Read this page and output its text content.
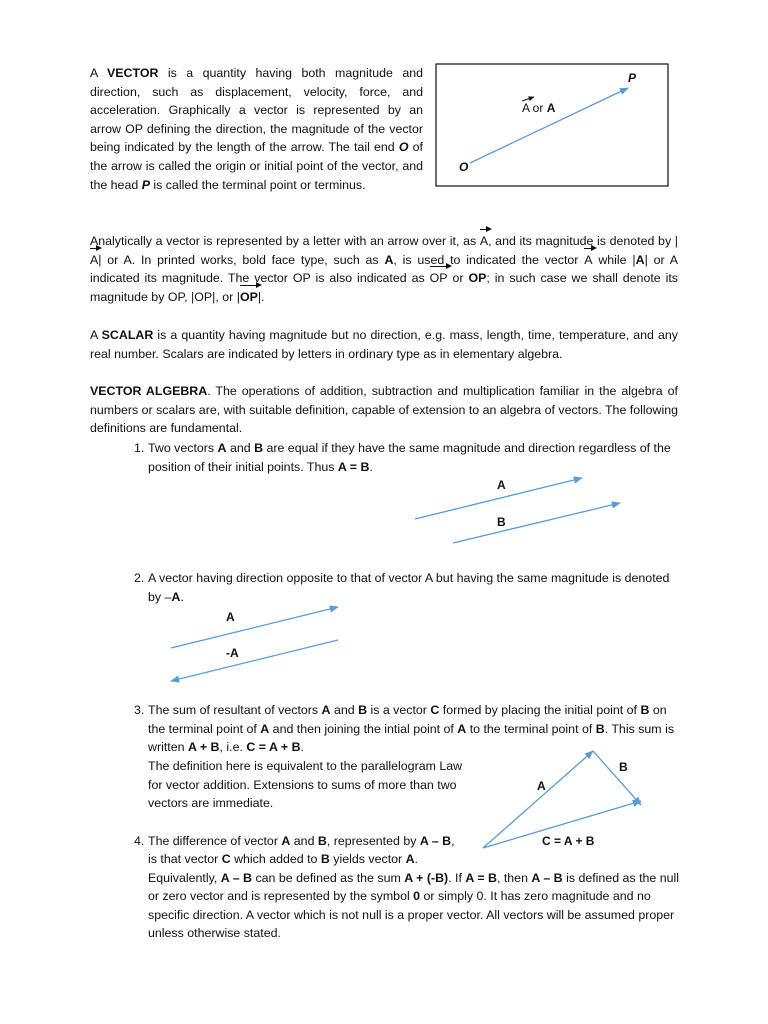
A VECTOR is a quantity having both magnitude and direction, such as displacement, velocity, force, and acceleration. Graphically a vector is represented by an arrow OP defining the direction, the magnitude of the vector being indicated by the length of the arrow. The tail end O of the arrow is called the origin or initial point of the vector, and the head P is called the terminal point or terminus.

Analytically a vector is represented by a letter with an arrow over it, as A, and its magnitude is denoted by |A| or A. In printed works, bold face type, such as A, is used to indicated the vector A while |A| or A indicated its magnitude. The vector OP is also indicated as OP or OP; in such case we shall denote its magnitude by OP, |OP|, or |OP|.

A SCALAR is a quantity having magnitude but no direction, e.g. mass, length, time, temperature, and any real number. Scalars are indicated by letters in ordinary type as in elementary algebra.

VECTOR ALGEBRA. The operations of addition, subtraction and multiplication familiar in the algebra of numbers or scalars are, with suitable definition, capable of extension to an algebra of vectors. The following definitions are fundamental.

1. Two vectors A and B are equal if they have the same magnitude and direction regardless of the position of their initial points. Thus A = B.

2. A vector having direction opposite to that of vector A but having the same magnitude is denoted by –A.

3. The sum of resultant of vectors A and B is a vector C formed by placing the initial point of B on the terminal point of A and then joining the intial point of A to the terminal point of B. This sum is written A + B, i.e. C = A + B.

The definition here is equivalent to the parallelogram Law for vector addition. Extensions to sums of more than two vectors are immediate.

4. The difference of vector A and B, represented by A – B,

is that vector C which added to B yields vector A.
Equivalently, A – B can be defined as the sum A + (-B). If A = B, then A – B is defined as the null or zero vector and is represented by the symbol 0 or simply 0. It has zero magnitude and no specific direction. A vector which is not null is a proper vector. All vectors will be assumed proper unless otherwise stated.
P
O
A or A
A
B
A
-A
A
B
C = A + B
